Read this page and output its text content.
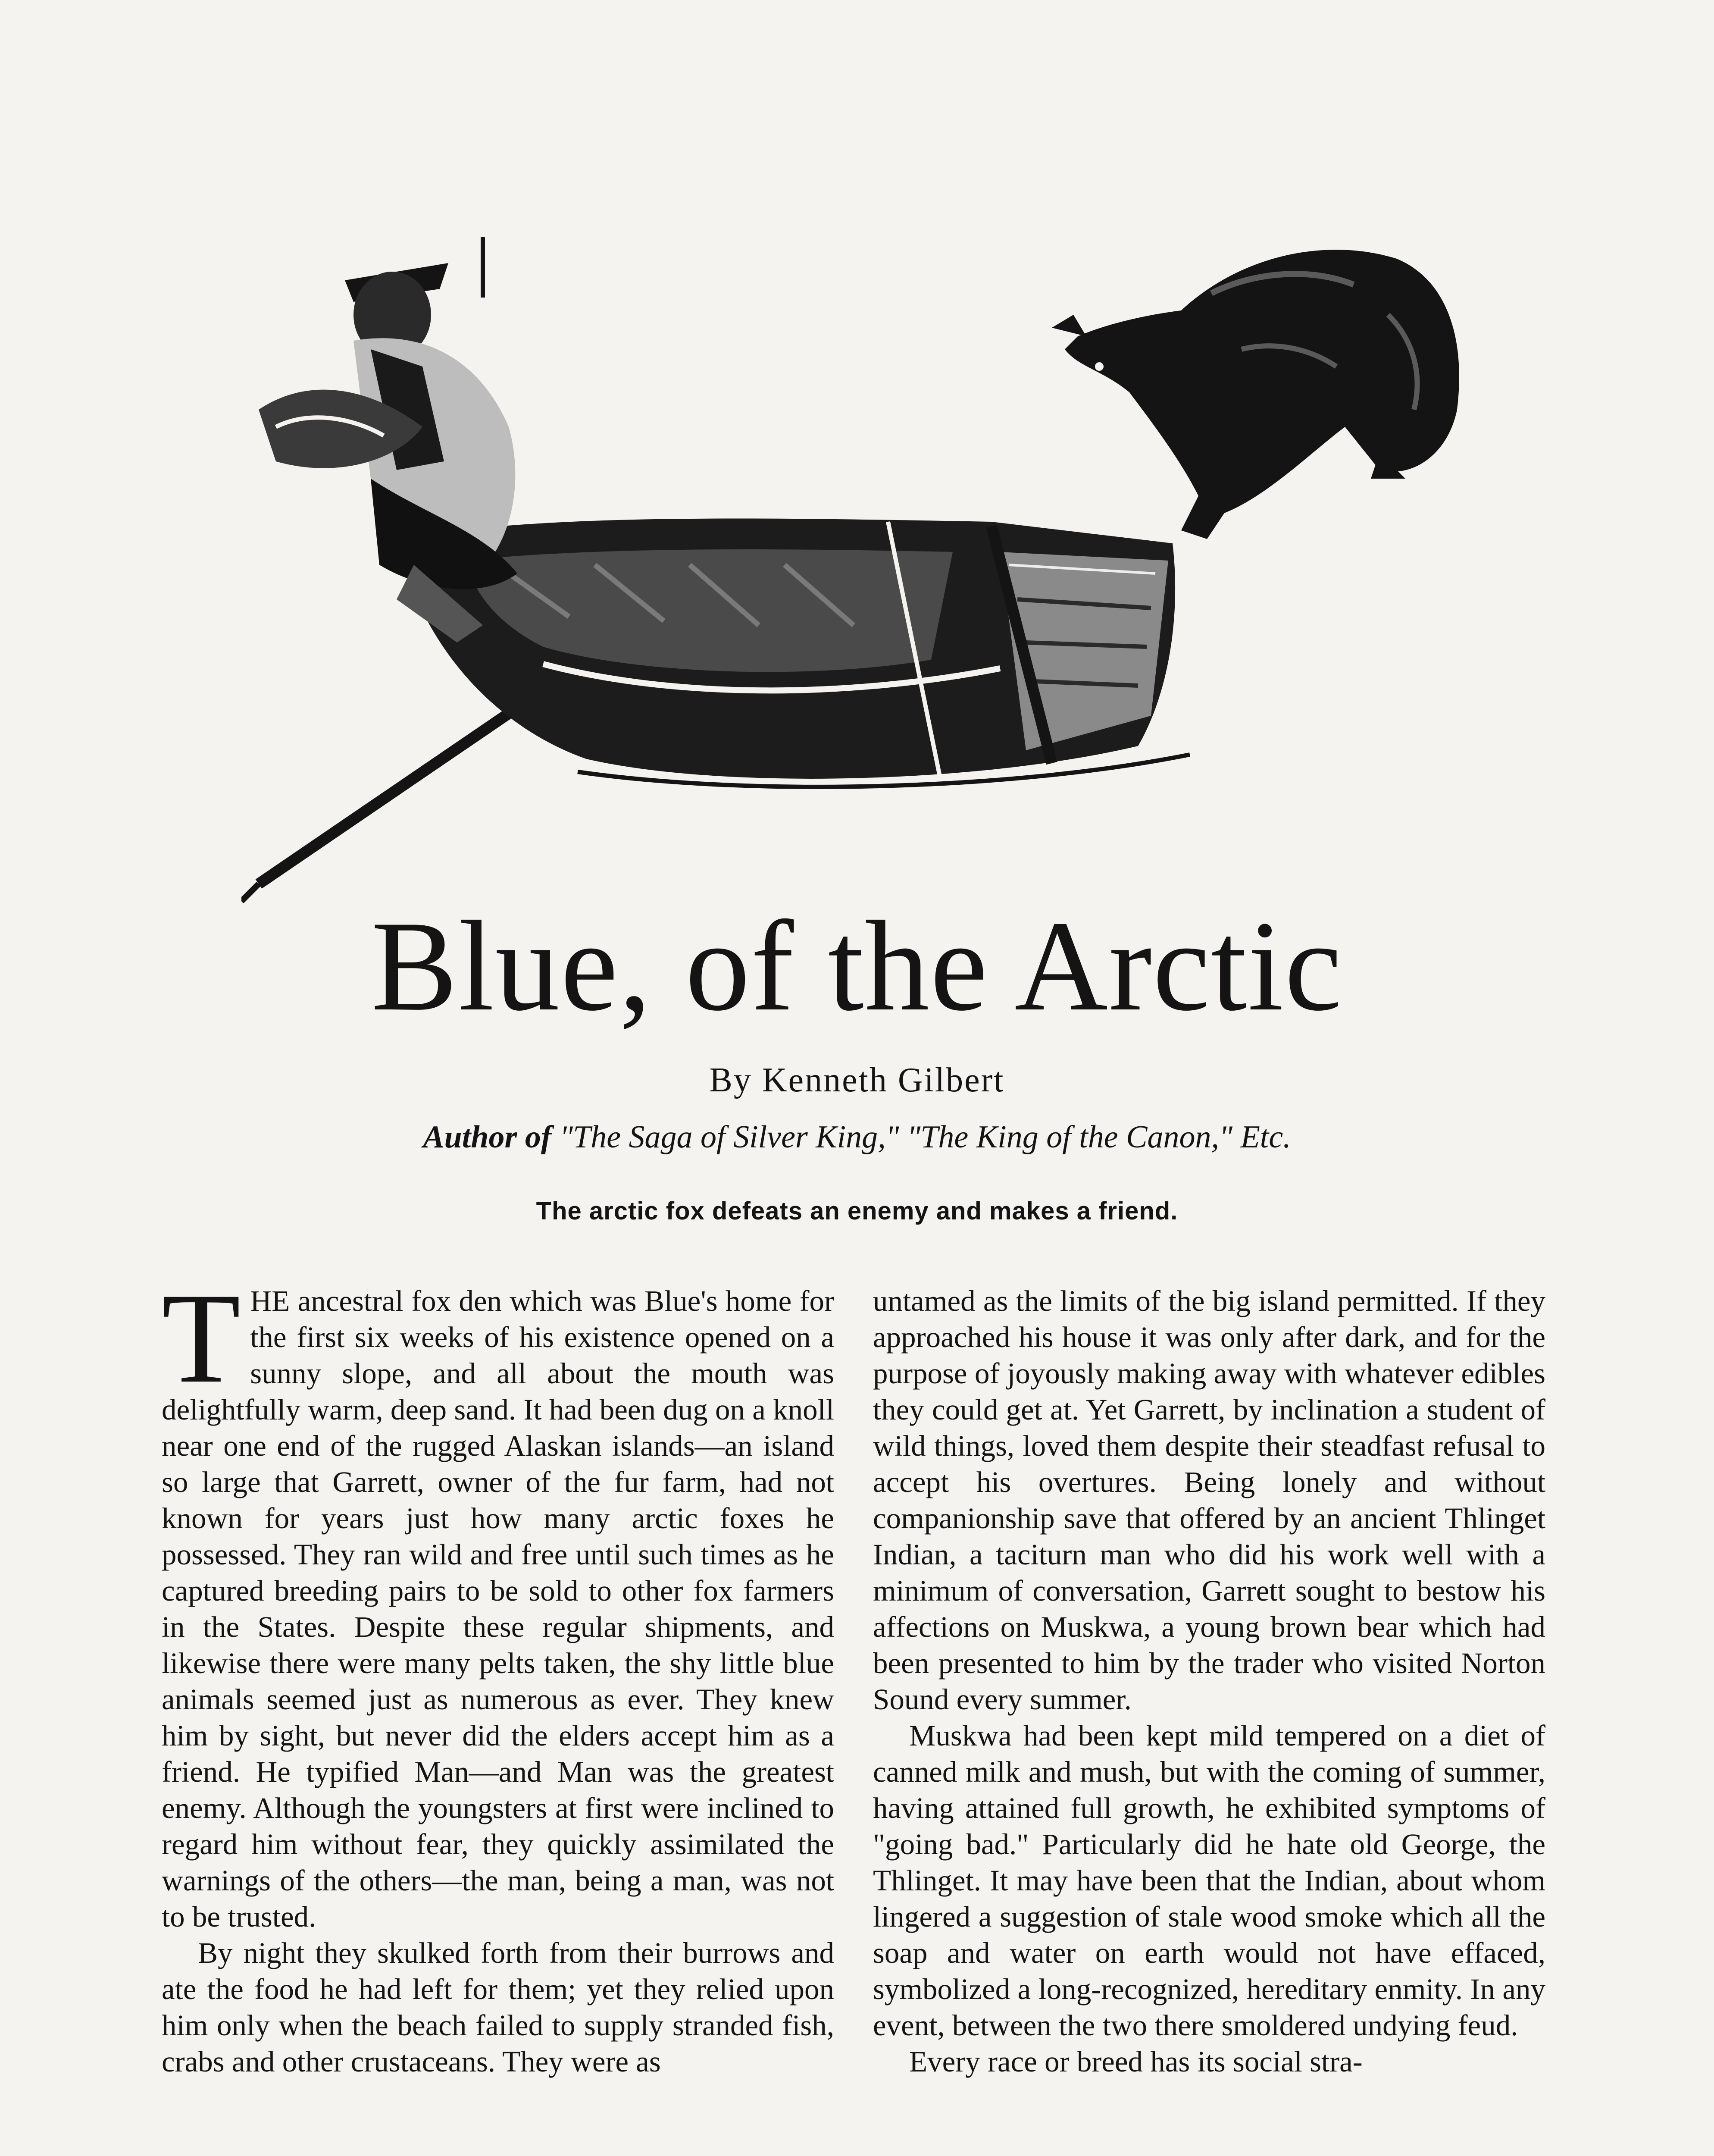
Blue, of the Arctic

By Kenneth Gilbert

Author of "The Saga of Silver King," "The King of the Canon," Etc.

The arctic fox defeats an enemy and makes a friend.

THE ancestral fox den which was Blue's home for the first six weeks of his existence opened on a sunny slope, and all about the mouth was delightfully warm, deep sand. It had been dug on a knoll near one end of the rugged Alaskan islands—an island so large that Garrett, owner of the fur farm, had not known for years just how many arctic foxes he possessed. They ran wild and free until such times as he captured breeding pairs to be sold to other fox farmers in the States. Despite these regular shipments, and likewise there were many pelts taken, the shy little blue animals seemed just as numerous as ever. They knew him by sight, but never did the elders accept him as a friend. He typified Man—and Man was the greatest enemy. Although the youngsters at first were inclined to regard him without fear, they quickly assimilated the warnings of the others—the man, being a man, was not to be trusted.

By night they skulked forth from their burrows and ate the food he had left for them; yet they relied upon him only when the beach failed to supply stranded fish, crabs and other crustaceans. They were as

untamed as the limits of the big island permitted. If they approached his house it was only after dark, and for the purpose of joyously making away with whatever edibles they could get at. Yet Garrett, by inclination a student of wild things, loved them despite their steadfast refusal to accept his overtures. Being lonely and without companionship save that offered by an ancient Thlinget Indian, a taciturn man who did his work well with a minimum of conversation, Garrett sought to bestow his affections on Muskwa, a young brown bear which had been presented to him by the trader who visited Norton Sound every summer.

Muskwa had been kept mild tempered on a diet of canned milk and mush, but with the coming of summer, having attained full growth, he exhibited symptoms of "going bad." Particularly did he hate old George, the Thlinget. It may have been that the Indian, about whom lingered a suggestion of stale wood smoke which all the soap and water on earth would not have effaced, symbolized a long-recognized, hereditary enmity. In any event, between the two there smoldered undying feud.

Every race or breed has its social stra-
